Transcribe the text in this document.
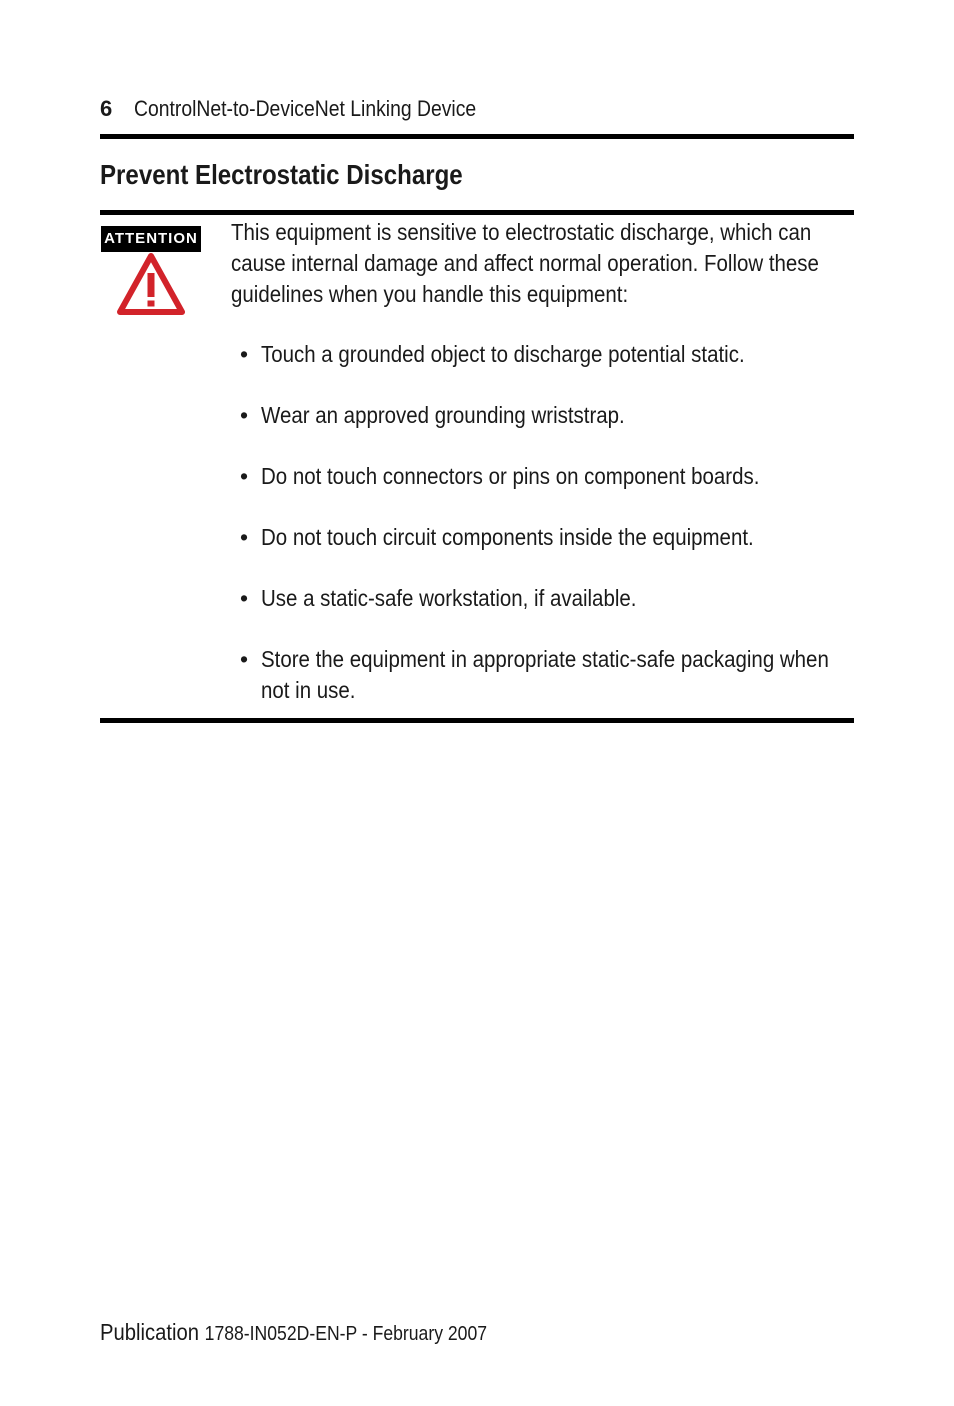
6 ControlNet-to-DeviceNet Linking Device
Prevent Electrostatic Discharge
ATTENTION This equipment is sensitive to electrostatic discharge, which can cause internal damage and affect normal operation. Follow these guidelines when you handle this equipment:
• Touch a grounded object to discharge potential static.
• Wear an approved grounding wriststrap.
• Do not touch connectors or pins on component boards.
• Do not touch circuit components inside the equipment.
• Use a static-safe workstation, if available.
• Store the equipment in appropriate static-safe packaging when not in use.
Publication 1788-IN052D-EN-P - February 2007
